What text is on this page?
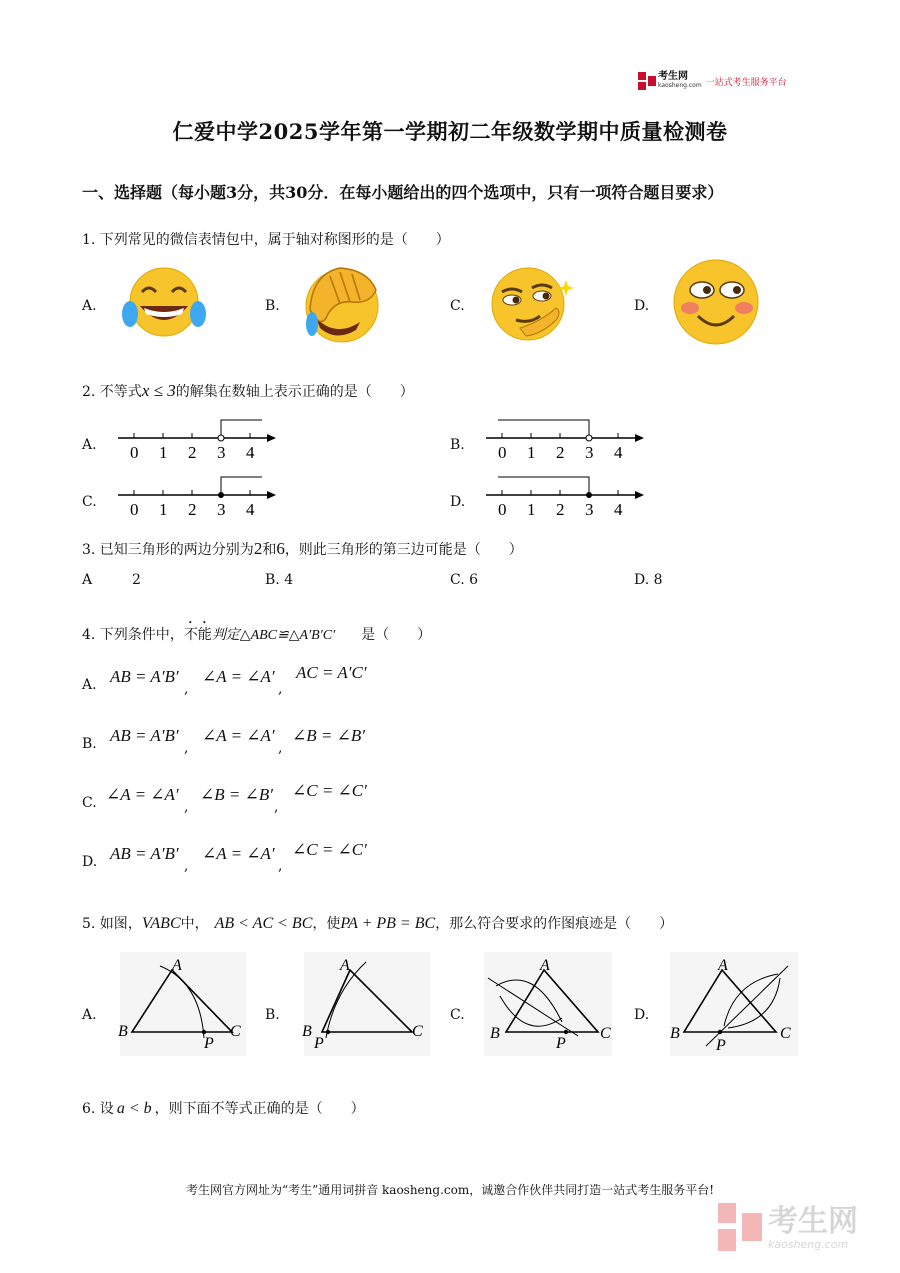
考生网
kaosheng.com 一站式考生服务平台
仁爱中学2025学年第一学期初二年级数学期中质量检测卷
一、选择题（每小题3分，共30分．在每小题给出的四个选项中，只有一项符合题目要求）
1. 下列常见的微信表情包中，属于轴对称图形的是（　　）
A.	B.	C.	D.
2. 不等式x ≤ 3的解集在数轴上表示正确的是（　　）
A.	B.
C.	D.
0 1 2 3 4	0 1 2 3 4
0 1 2 3 4	0 1 2 3 4
3. 已知三角形的两边分别为2和6，则此三角形的第三边可能是（　　）
A	2	B. 4	C. 6	D. 8
4. 下列条件中，不能判定△ABC≌△A′B′C′ 是（　　）
A. AB = A′B′
,
∠A = ∠A′
,
AC = A′C′
B. AB = A′B′
,
∠A = ∠A′
,
∠B = ∠B′
C. ∠A = ∠A′
,
∠B = ∠B′
,
∠C = ∠C′
D. AB = A′B′
,
∠A = ∠A′
,
∠C = ∠C′
5. 如图，VABC中， AB < AC < BC，使PA + PB = BC，那么符合要求的作图痕迹是（　　）
A.	B.	C.	D.
A
B	C
P
A
B	C
P
A
B	C
P
A
B	C
P
6. 设 a < b ，则下面不等式正确的是（　　）
考生网官方网址为“考生”通用词拼音 kaosheng.com，诚邀合作伙伴共同打造一站式考生服务平台!
考生网
kaosheng.com
